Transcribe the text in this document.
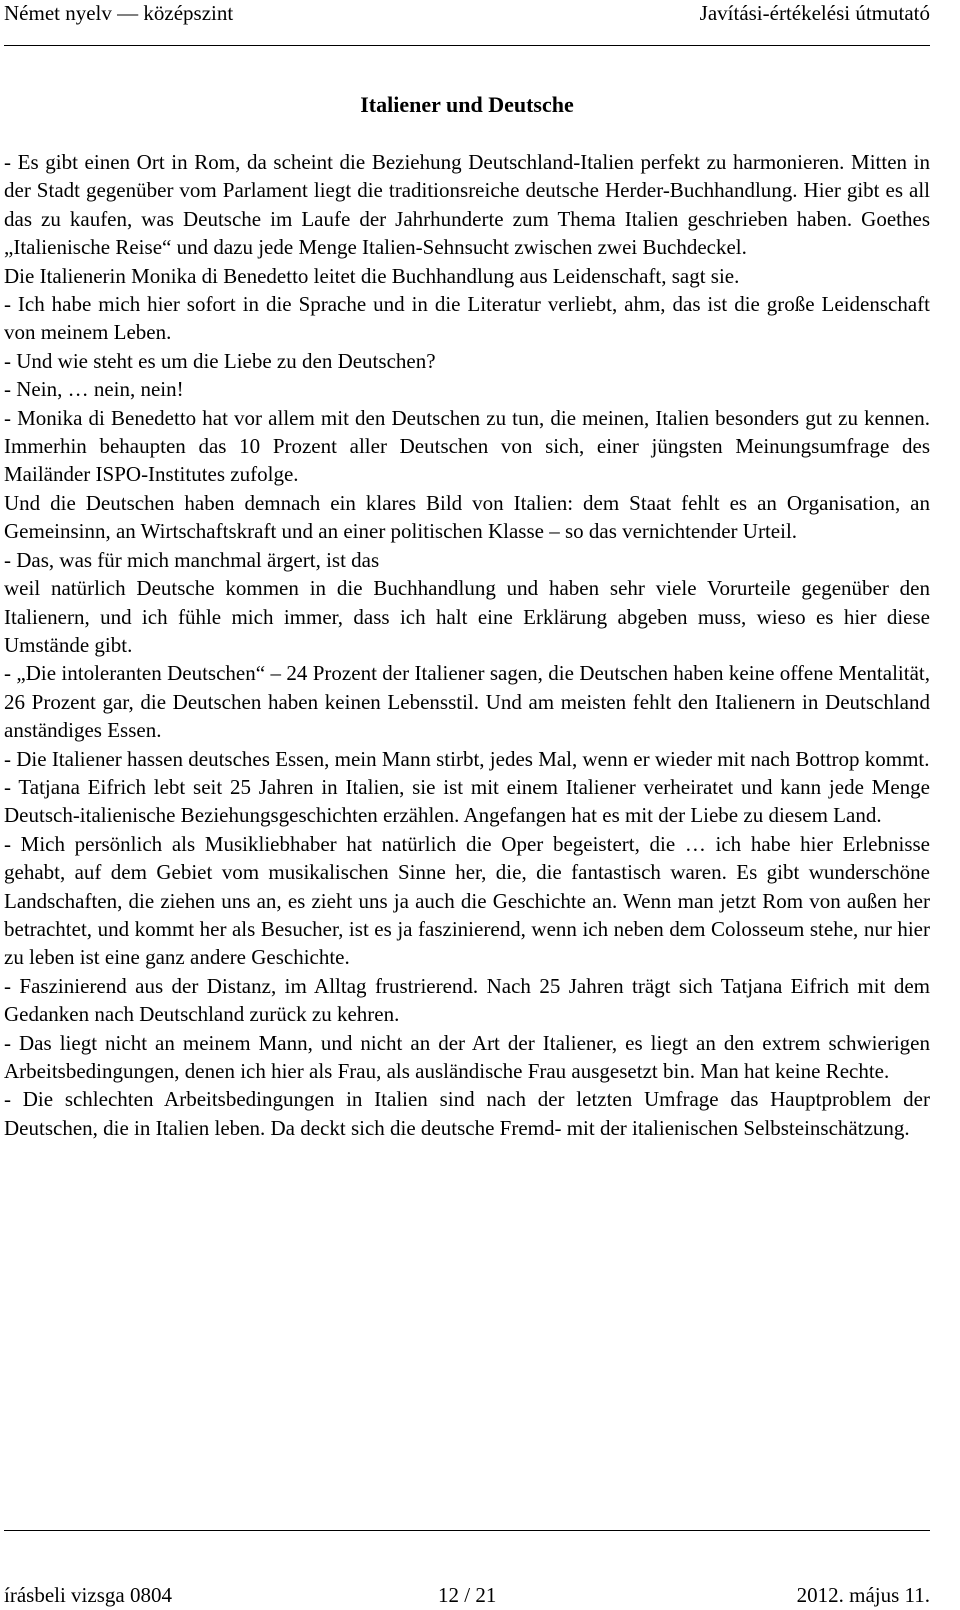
Német nyelv — középszint	Javítási-értékelési útmutató
Italiener und Deutsche

- Es gibt einen Ort in Rom, da scheint die Beziehung Deutschland-Italien perfekt zu harmonieren. Mitten in der Stadt gegenüber vom Parlament liegt die traditionsreiche deutsche Herder-Buchhandlung. Hier gibt es all das zu kaufen, was Deutsche im Laufe der Jahrhunderte zum Thema Italien geschrieben haben. Goethes „Italienische Reise“ und dazu jede Menge Italien-Sehnsucht zwischen zwei Buchdeckel.

Die Italienerin Monika di Benedetto leitet die Buchhandlung aus Leidenschaft, sagt sie.

- Ich habe mich hier sofort in die Sprache und in die Literatur verliebt, ahm, das ist die große Leidenschaft von meinem Leben.

- Und wie steht es um die Liebe zu den Deutschen?

- Nein, … nein, nein!

- Monika di Benedetto hat vor allem mit den Deutschen zu tun, die meinen, Italien besonders gut zu kennen. Immerhin behaupten das 10 Prozent aller Deutschen von sich, einer jüngsten Meinungsumfrage des Mailänder ISPO-Institutes zufolge.

Und die Deutschen haben demnach ein klares Bild von Italien: dem Staat fehlt es an Organisation, an Gemeinsinn, an Wirtschaftskraft und an einer politischen Klasse – so das vernichtender Urteil.

- Das, was für mich manchmal ärgert, ist das

weil natürlich Deutsche kommen in die Buchhandlung und haben sehr viele Vorurteile gegenüber den Italienern, und ich fühle mich immer, dass ich halt eine Erklärung abgeben muss, wieso es hier diese Umstände gibt.

- „Die intoleranten Deutschen“ – 24 Prozent der Italiener sagen, die Deutschen haben keine offene Mentalität, 26 Prozent gar, die Deutschen haben keinen Lebensstil. Und am meisten fehlt den Italienern in Deutschland anständiges Essen.

- Die Italiener hassen deutsches Essen, mein Mann stirbt, jedes Mal, wenn er wieder mit nach Bottrop kommt.

- Tatjana Eifrich lebt seit 25 Jahren in Italien, sie ist mit einem Italiener verheiratet und kann jede Menge Deutsch-italienische Beziehungsgeschichten erzählen. Angefangen hat es mit der Liebe zu diesem Land.

- Mich persönlich als Musikliebhaber hat natürlich die Oper begeistert, die … ich habe hier Erlebnisse gehabt, auf dem Gebiet vom musikalischen Sinne her, die, die fantastisch waren. Es gibt wunderschöne Landschaften, die ziehen uns an, es zieht uns ja auch die Geschichte an. Wenn man jetzt Rom von außen her betrachtet, und kommt her als Besucher, ist es ja faszinierend, wenn ich neben dem Colosseum stehe, nur hier zu leben ist eine ganz andere Geschichte.

- Faszinierend aus der Distanz, im Alltag frustrierend. Nach 25 Jahren trägt sich Tatjana Eifrich mit dem Gedanken nach Deutschland zurück zu kehren.

- Das liegt nicht an meinem Mann, und nicht an der Art der Italiener, es liegt an den extrem schwierigen Arbeitsbedingungen, denen ich hier als Frau, als ausländische Frau ausgesetzt bin. Man hat keine Rechte.

- Die schlechten Arbeitsbedingungen in Italien sind nach der letzten Umfrage das Hauptproblem der Deutschen, die in Italien leben. Da deckt sich die deutsche Fremd- mit der italienischen Selbsteinschätzung.

írásbeli vizsga 0804	12 / 21	2012. május 11.
